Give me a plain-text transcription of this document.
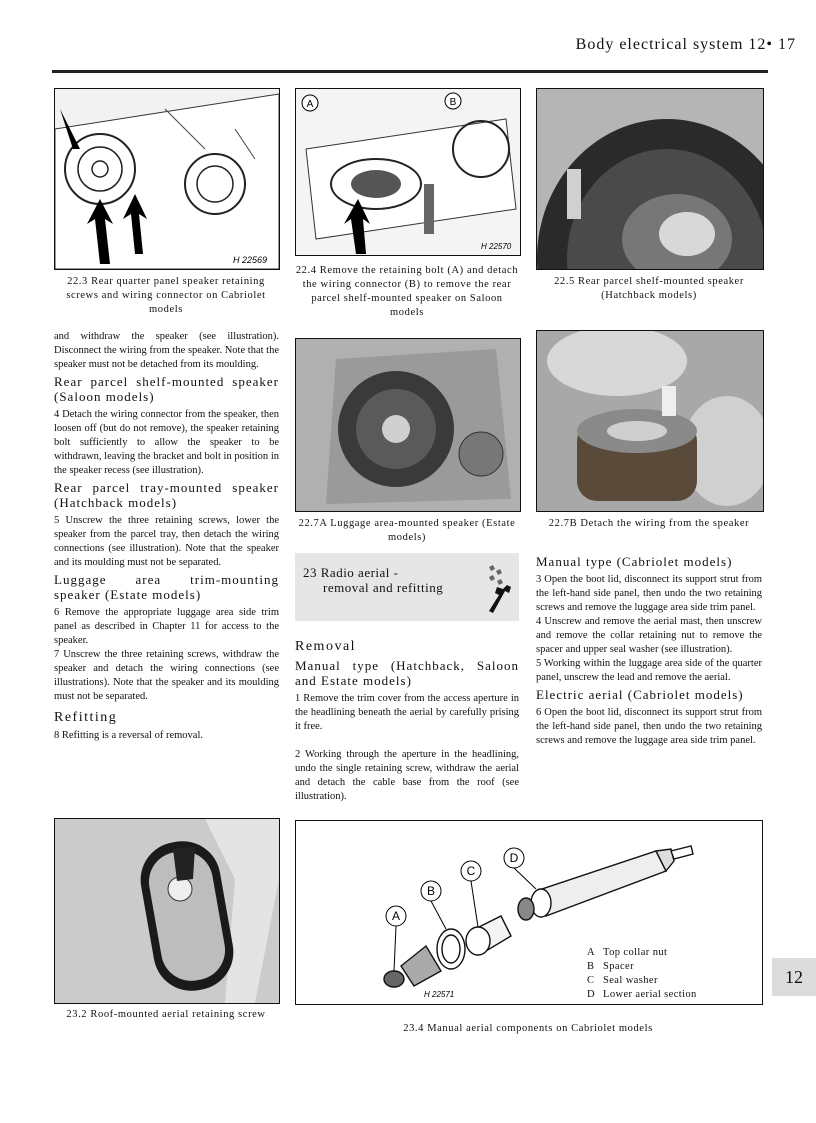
Body electrical system 12• 17
H 22569
22.3 Rear quarter panel speaker retaining screws and wiring connector on Cabriolet models
A	B
H 22570
22.4 Remove the retaining bolt (A) and detach the wiring connector (B) to remove the rear parcel shelf-mounted speaker on Saloon models
22.5 Rear parcel shelf-mounted speaker (Hatchback models)

and withdraw the speaker (see illustration). Disconnect the wiring from the speaker. Note that the speaker must not be detached from its moulding.

Rear parcel shelf-mounted speaker (Saloon models)

4 Detach the wiring connector from the speaker, then loosen off (but do not remove), the speaker retaining bolt sufficiently to allow the speaker to be withdrawn, leaving the bracket and bolt in position in the speaker recess (see illustration).

Rear parcel tray-mounted speaker (Hatchback models)

5 Unscrew the three retaining screws, lower the speaker from the parcel tray, then detach the wiring connections (see illustration). Note that the speaker and its moulding must not be separated.

Luggage area trim-mounting speaker (Estate models)

6 Remove the appropriate luggage area side trim panel as described in Chapter 11 for access to the speaker.

7 Unscrew the three retaining screws, withdraw the speaker and detach the wiring connections (see illustrations). Note that the speaker and its moulding must not be separated.

Refitting

8 Refitting is a reversal of removal.

22.7A Luggage area-mounted speaker (Estate models)
22.7B Detach the wiring from the speaker
23 Radio aerial -
removal and refitting
Removal
Manual type (Hatchback, Saloon and Estate models)

1 Remove the trim cover from the access aperture in the headlining beneath the aerial by carefully prising it free.

2 Working through the aperture in the headlining, undo the single retaining screw, withdraw the aerial and detach the cable base from the roof (see illustration).

Manual type (Cabriolet models)

3 Open the boot lid, disconnect its support strut from the left-hand side panel, then undo the two retaining screws and remove the luggage area side trim panel.

4 Unscrew and remove the aerial mast, then unscrew and remove the collar retaining nut to remove the spacer and upper seal washer (see illustration).

5 Working within the luggage area side of the quarter panel, unscrew the lead and remove the aerial.

Electric aerial (Cabriolet models)

6 Open the boot lid, disconnect its support strut from the left-hand side panel, then undo the two retaining screws and remove the luggage area side trim panel.

23.2 Roof-mounted aerial retaining screw
A
B
C
D
H 22571
A Top collar nut
B Spacer
C Seal washer
D Lower aerial section
23.4 Manual aerial components on Cabriolet models
12
